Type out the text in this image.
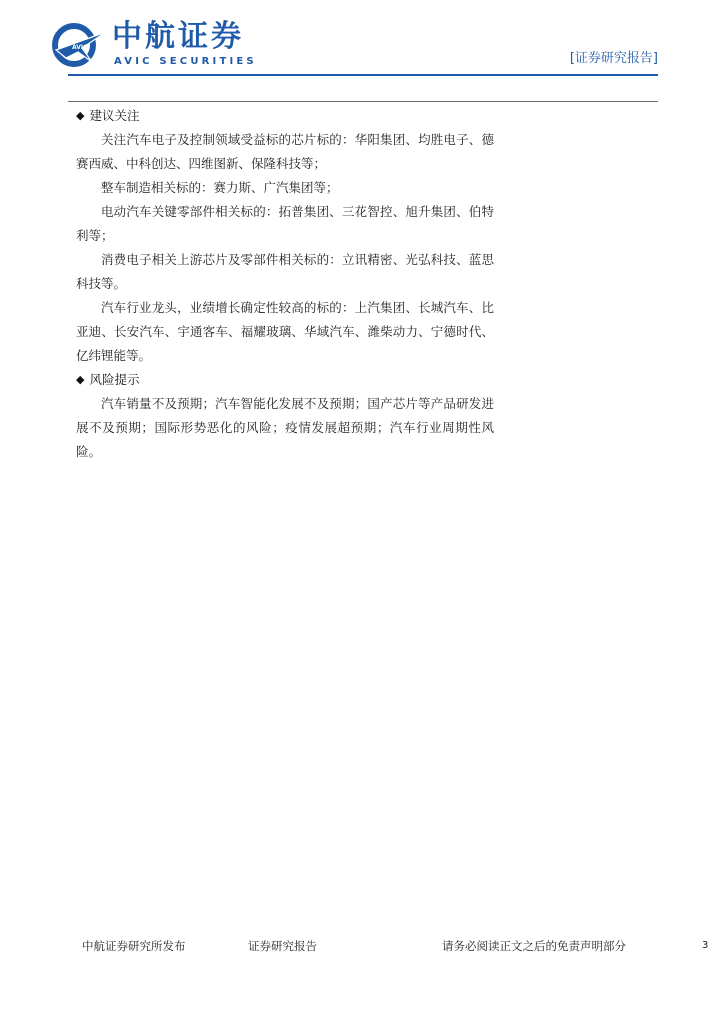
AVIC 中航证券
AVIC SECURITIES	[证券研究报告]
◆ 建议关注

关注汽车电子及控制领域受益标的芯片标的：华阳集团、均胜电子、德赛西威、中科创达、四维图新、保隆科技等；

整车制造相关标的：赛力斯、广汽集团等；

电动汽车关键零部件相关标的：拓普集团、三花智控、旭升集团、伯特利等；

消费电子相关上游芯片及零部件相关标的：立讯精密、光弘科技、蓝思科技等。

汽车行业龙头，业绩增长确定性较高的标的：上汽集团、长城汽车、比亚迪、长安汽车、宇通客车、福耀玻璃、华域汽车、潍柴动力、宁德时代、亿纬锂能等。

◆ 风险提示

汽车销量不及预期；汽车智能化发展不及预期；国产芯片等产品研发进展不及预期；国际形势恶化的风险；疫情发展超预期；汽车行业周期性风险。

中航证券研究所发布	证券研究报告	请务必阅读正文之后的免责声明部分	3
